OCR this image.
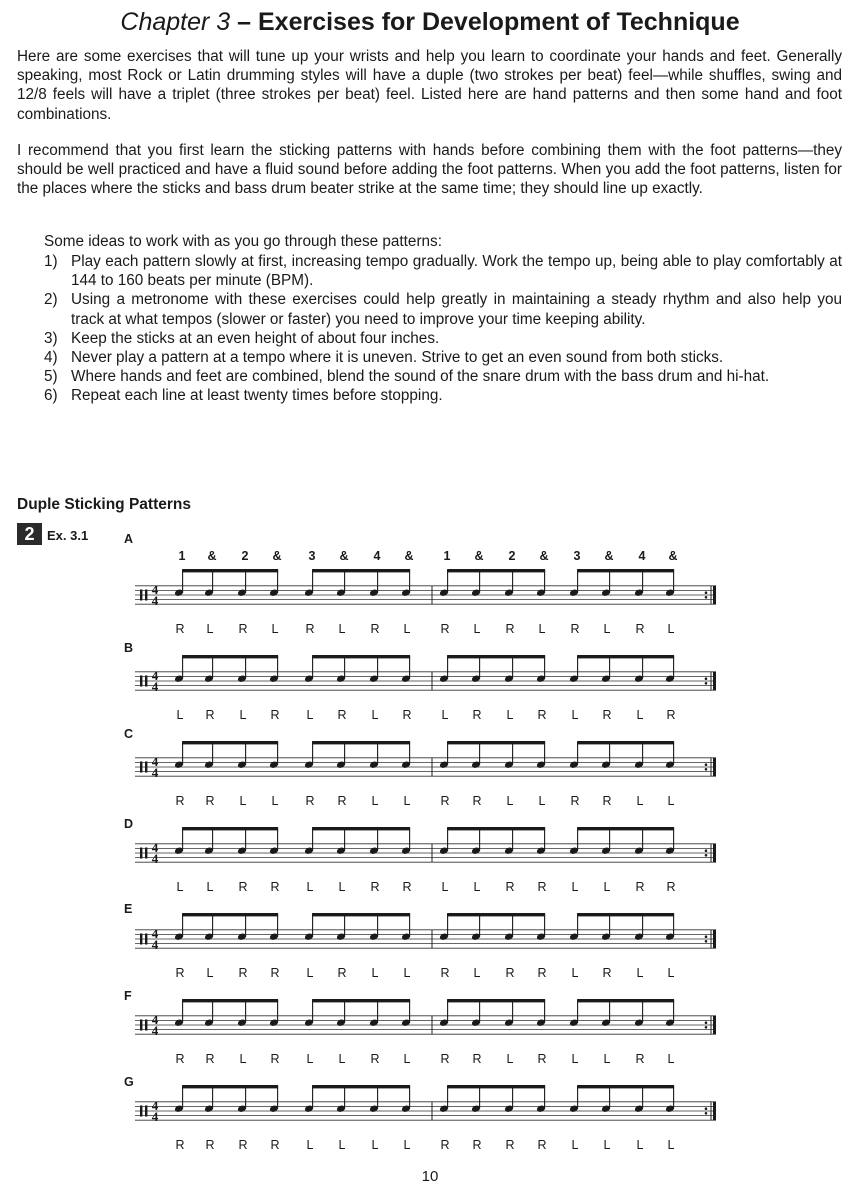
Chapter 3 – Exercises for Development of Technique

Here are some exercises that will tune up your wrists and help you learn to coordinate your hands and feet. Generally speaking, most Rock or Latin drumming styles will have a duple (two strokes per beat) feel—while shuffles, swing and 12/8 feels will have a triplet (three strokes per beat) feel. Listed here are hand patterns and then some hand and foot combinations.

I recommend that you first learn the sticking patterns with hands before combining them with the foot patterns—they should be well practiced and have a fluid sound before adding the foot patterns. When you add the foot patterns, listen for the places where the sticks and bass drum beater strike at the same time; they should line up exactly.

Some ideas to work with as you go through these patterns:
1) Play each pattern slowly at first, increasing tempo gradually. Work the tempo up, being able to play comfortably at 144 to 160 beats per minute (BPM).
2) Using a metronome with these exercises could help greatly in maintaining a steady rhythm and also help you track at what tempos (slower or faster) you need to improve your time keeping ability.
3) Keep the sticks at an even height of about four inches.
4) Never play a pattern at a tempo where it is uneven. Strive to get an even sound from both sticks.
5) Where hands and feet are combined, blend the sound of the snare drum with the bass drum and hi-hat.
6) Repeat each line at least twenty times before stopping.
Duple Sticking Patterns
2 Ex. 3.1
1 & 2 & 3 & 4 & 1 & 2 & 3 & 4 &
A
4
4
R L R L R L R L R L R L R L R L
B
4
4
L R L R L R L R L R L R L R L R
C
4
4
R R L L R R L L R R L L R R L L
D
4
4
L L R R L L R R L L R R L L R R
E
4
4
R L R R L R L L R L R R L R L L
F
4
4
R R L R L L R L R R L R L L R L
G
4
4
R R R R L L L L R R R R L L L L
10
